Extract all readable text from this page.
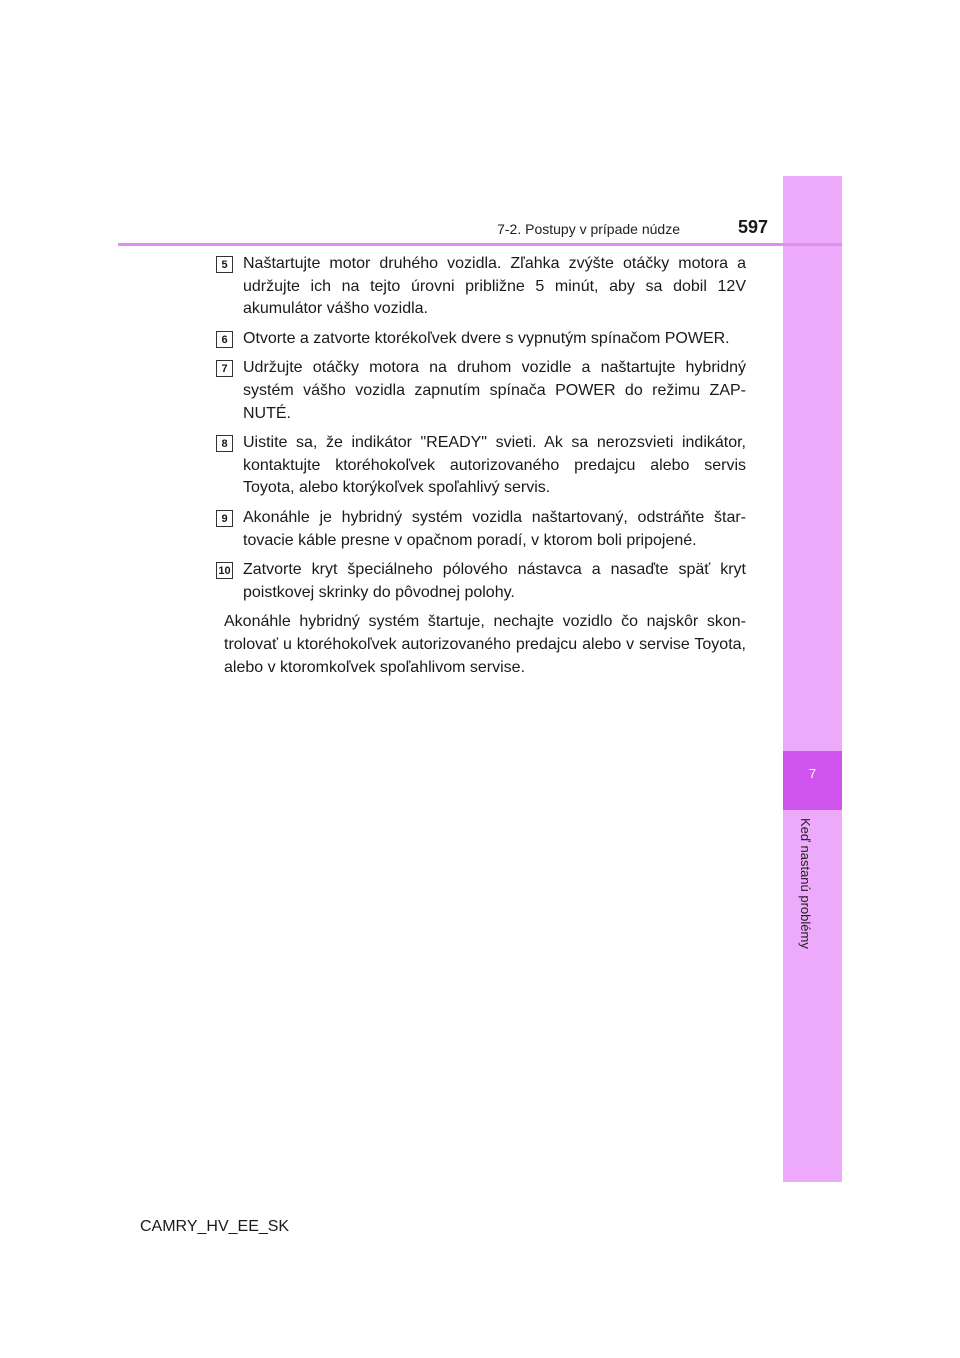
7
Keď nastanú problémy
7-2. Postupy v prípade núdze	597
5 Naštartujte motor druhého vozidla. Zľahka zvýšte otáčky motora a udržujte ich na tejto úrovni približne 5 minút, aby sa dobil 12V akumulátor vášho vozidla.

6 Otvorte a zatvorte ktorékoľvek dvere s vypnutým spínačom POWER.

7 Udržujte otáčky motora na druhom vozidle a naštartujte hybridný systém vášho vozidla zapnutím spínača POWER do režimu ZAP-NUTÉ.

8 Uistite sa, že indikátor "READY" svieti. Ak sa nerozsvieti indikátor, kontaktujte ktoréhokoľvek autorizovaného predajcu alebo servis Toyota, alebo ktorýkoľvek spoľahlivý servis.

9 Akonáhle je hybridný systém vozidla naštartovaný, odstráňte štar-tovacie káble presne v opačnom poradí, v ktorom boli pripojené.

10 Zatvorte kryt špeciálneho pólového nástavca a nasaďte späť kryt poistkovej skrinky do pôvodnej polohy.

Akonáhle hybridný systém štartuje, nechajte vozidlo čo najskôr skon-trolovať u ktoréhokoľvek autorizovaného predajcu alebo v servise Toyota, alebo v ktoromkoľvek spoľahlivom servise.

CAMRY_HV_EE_SK
